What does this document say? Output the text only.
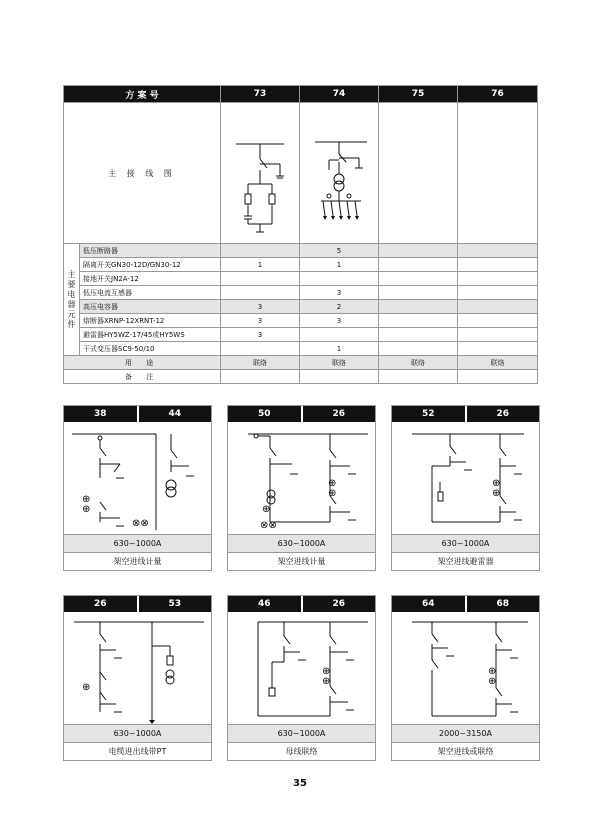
方 案 号		73	74	75	76
主 接 线 图	

主要电器元件	低压断路器		5		
	隔离开关GN30-12D/GN30-12	1	1		
	接地开关JN2A-12				
	低压电流互感器		3		
	高压电容器	3	2		
	熔断器XRNP-12XRNT-12	3	3		
	避雷器HY5WZ-17/45或HY5WS	3			
	干式变压器SC9-50/10		1		
用 途		联络	联络	联络	联络
备 注					
38	44
⊕
⊕
⊗⊗
630~1000A
架空进线计量
50	26
⊕
⊕
⊕
⊗⊗
630~1000A
架空进线计量
52	26
⊕
⊕
630~1000A
架空进线避雷器
26	53
⊕
630~1000A
电缆进出线带PT
46	26
⊕
⊕
630~1000A
母线联络
64	68
⊕
⊕
2000~3150A
架空进线或联络
35
